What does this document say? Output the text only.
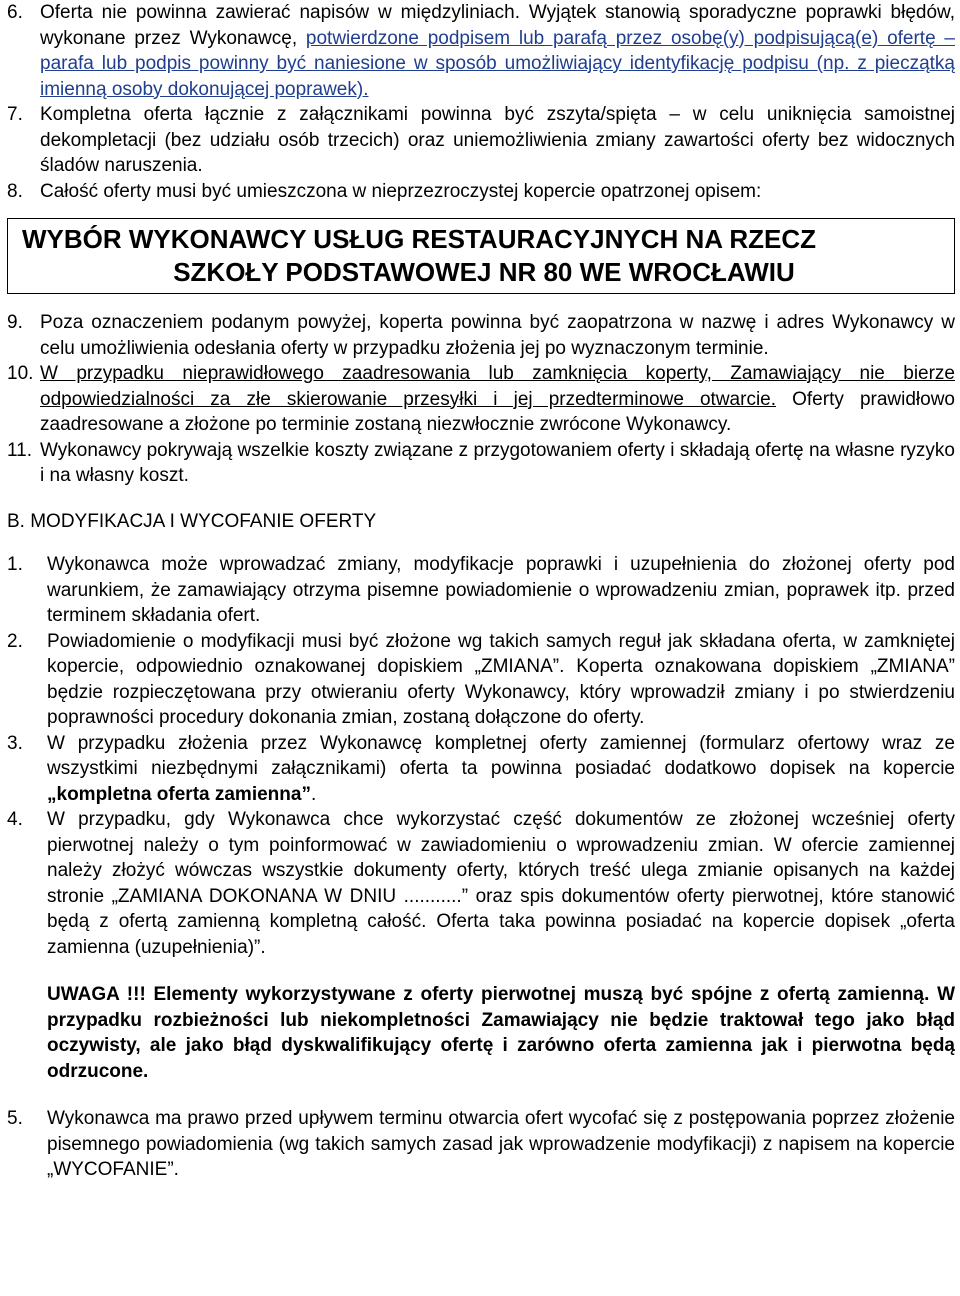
6. Oferta nie powinna zawierać napisów w międzyliniach. Wyjątek stanowią sporadyczne poprawki błędów, wykonane przez Wykonawcę, potwierdzone podpisem lub parafą przez osobę(y) podpisującą(e) ofertę – parafa lub podpis powinny być naniesione w sposób umożliwiający identyfikację podpisu (np. z pieczątką imienną osoby dokonującej poprawek).
7. Kompletna oferta łącznie z załącznikami powinna być zszyta/spięta – w celu uniknięcia samoistnej dekompletacji (bez udziału osób trzecich) oraz uniemożliwienia zmiany zawartości oferty bez widocznych śladów naruszenia.
8. Całość oferty musi być umieszczona w nieprzezroczystej kopercie opatrzonej opisem:
WYBÓR WYKONAWCY USŁUG RESTAURACYJNYCH NA RZECZ
SZKOŁY PODSTAWOWEJ NR 80 WE WROCŁAWIU
9. Poza oznaczeniem podanym powyżej, koperta powinna być zaopatrzona w nazwę i adres Wykonawcy w celu umożliwienia odesłania oferty w przypadku złożenia jej po wyznaczonym terminie.
10. W przypadku nieprawidłowego zaadresowania lub zamknięcia koperty, Zamawiający nie bierze odpowiedzialności za złe skierowanie przesyłki i jej przedterminowe otwarcie. Oferty prawidłowo zaadresowane a złożone po terminie zostaną niezwłocznie zwrócone Wykonawcy.
11. Wykonawcy pokrywają wszelkie koszty związane z przygotowaniem oferty i składają ofertę na własne ryzyko i na własny koszt.
B. MODYFIKACJA I WYCOFANIE OFERTY
1. Wykonawca może wprowadzać zmiany, modyfikacje poprawki i uzupełnienia do złożonej oferty pod warunkiem, że zamawiający otrzyma pisemne powiadomienie o wprowadzeniu zmian, poprawek itp. przed terminem składania ofert.
2. Powiadomienie o modyfikacji musi być złożone wg takich samych reguł jak składana oferta, w zamkniętej kopercie, odpowiednio oznakowanej dopiskiem „ZMIANA”. Koperta oznakowana dopiskiem „ZMIANA” będzie rozpieczętowana przy otwieraniu oferty Wykonawcy, który wprowadził zmiany i po stwierdzeniu poprawności procedury dokonania zmian, zostaną dołączone do oferty.
3. W przypadku złożenia przez Wykonawcę kompletnej oferty zamiennej (formularz ofertowy wraz ze wszystkimi niezbędnymi załącznikami) oferta ta powinna posiadać dodatkowo dopisek na kopercie „kompletna oferta zamienna”.
4. W przypadku, gdy Wykonawca chce wykorzystać część dokumentów ze złożonej wcześniej oferty pierwotnej należy o tym poinformować w zawiadomieniu o wprowadzeniu zmian. W ofercie zamiennej należy złożyć wówczas wszystkie dokumenty oferty, których treść ulega zmianie opisanych na każdej stronie „ZAMIANA DOKONANA W DNIU ...........” oraz spis dokumentów oferty pierwotnej, które stanowić będą z ofertą zamienną kompletną całość. Oferta taka powinna posiadać na kopercie dopisek „oferta zamienna (uzupełnienia)”.
UWAGA !!! Elementy wykorzystywane z oferty pierwotnej muszą być spójne z ofertą zamienną. W przypadku rozbieżności lub niekompletności Zamawiający nie będzie traktował tego jako błąd oczywisty, ale jako błąd dyskwalifikujący ofertę i zarówno oferta zamienna jak i pierwotna będą odrzucone.
5. Wykonawca ma prawo przed upływem terminu otwarcia ofert wycofać się z postępowania poprzez złożenie pisemnego powiadomienia (wg takich samych zasad jak wprowadzenie modyfikacji) z napisem na kopercie „WYCOFANIE”.
